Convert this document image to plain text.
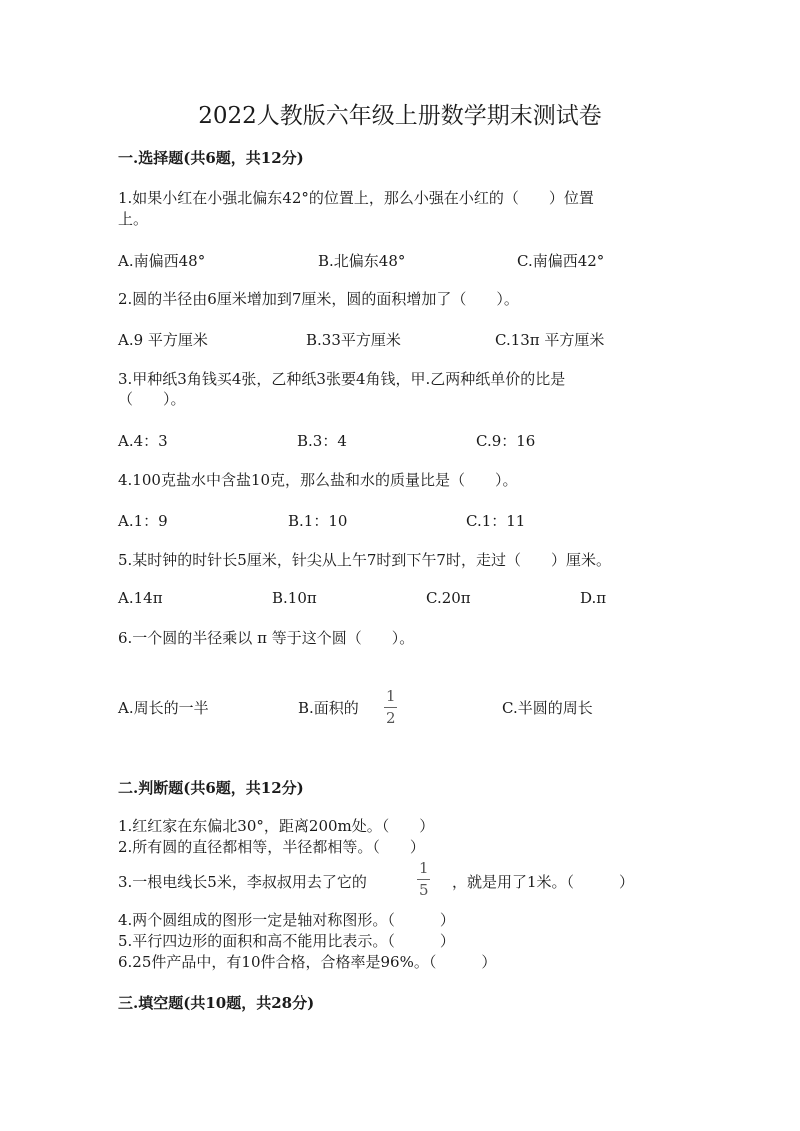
2022人教版六年级上册数学期末测试卷
一.选择题(共6题，共12分)
1.如果小红在小强北偏东42°的位置上，那么小强在小红的（　　）位置
上。
A.南偏西48°	B.北偏东48°	C.南偏西42°
2.圆的半径由6厘米增加到7厘米，圆的面积增加了（　　）。
A.9 平方厘米	B.33平方厘米	C.13π 平方厘米
3.甲种纸3角钱买4张，乙种纸3张要4角钱，甲.乙两种纸单价的比是
（　　）。
A.4：3	B.3：4	C.9：16
4.100克盐水中含盐10克，那么盐和水的质量比是（　　）。
A.1：9	B.1：10	C.1：11
5.某时钟的时针长5厘米，针尖从上午7时到下午7时，走过（　　）厘米。
A.14π	B.10π	C.20π	D.π
6.一个圆的半径乘以 π 等于这个圆（　　）。
A.周长的一半	B.面积的
1
2
C.半圆的周长
二.判断题(共6题，共12分)
1.红红家在东偏北30°，距离200m处。（　　）
2.所有圆的直径都相等，半径都相等。（　　）
3.一根电线长5米，李叔叔用去了它的
1
5 ，就是用了1米。（　　　）
4.两个圆组成的图形一定是轴对称图形。（　　　）
5.平行四边形的面积和高不能用比表示。（　　　）
6.25件产品中，有10件合格，合格率是96%。（　　　）
三.填空题(共10题，共28分)
